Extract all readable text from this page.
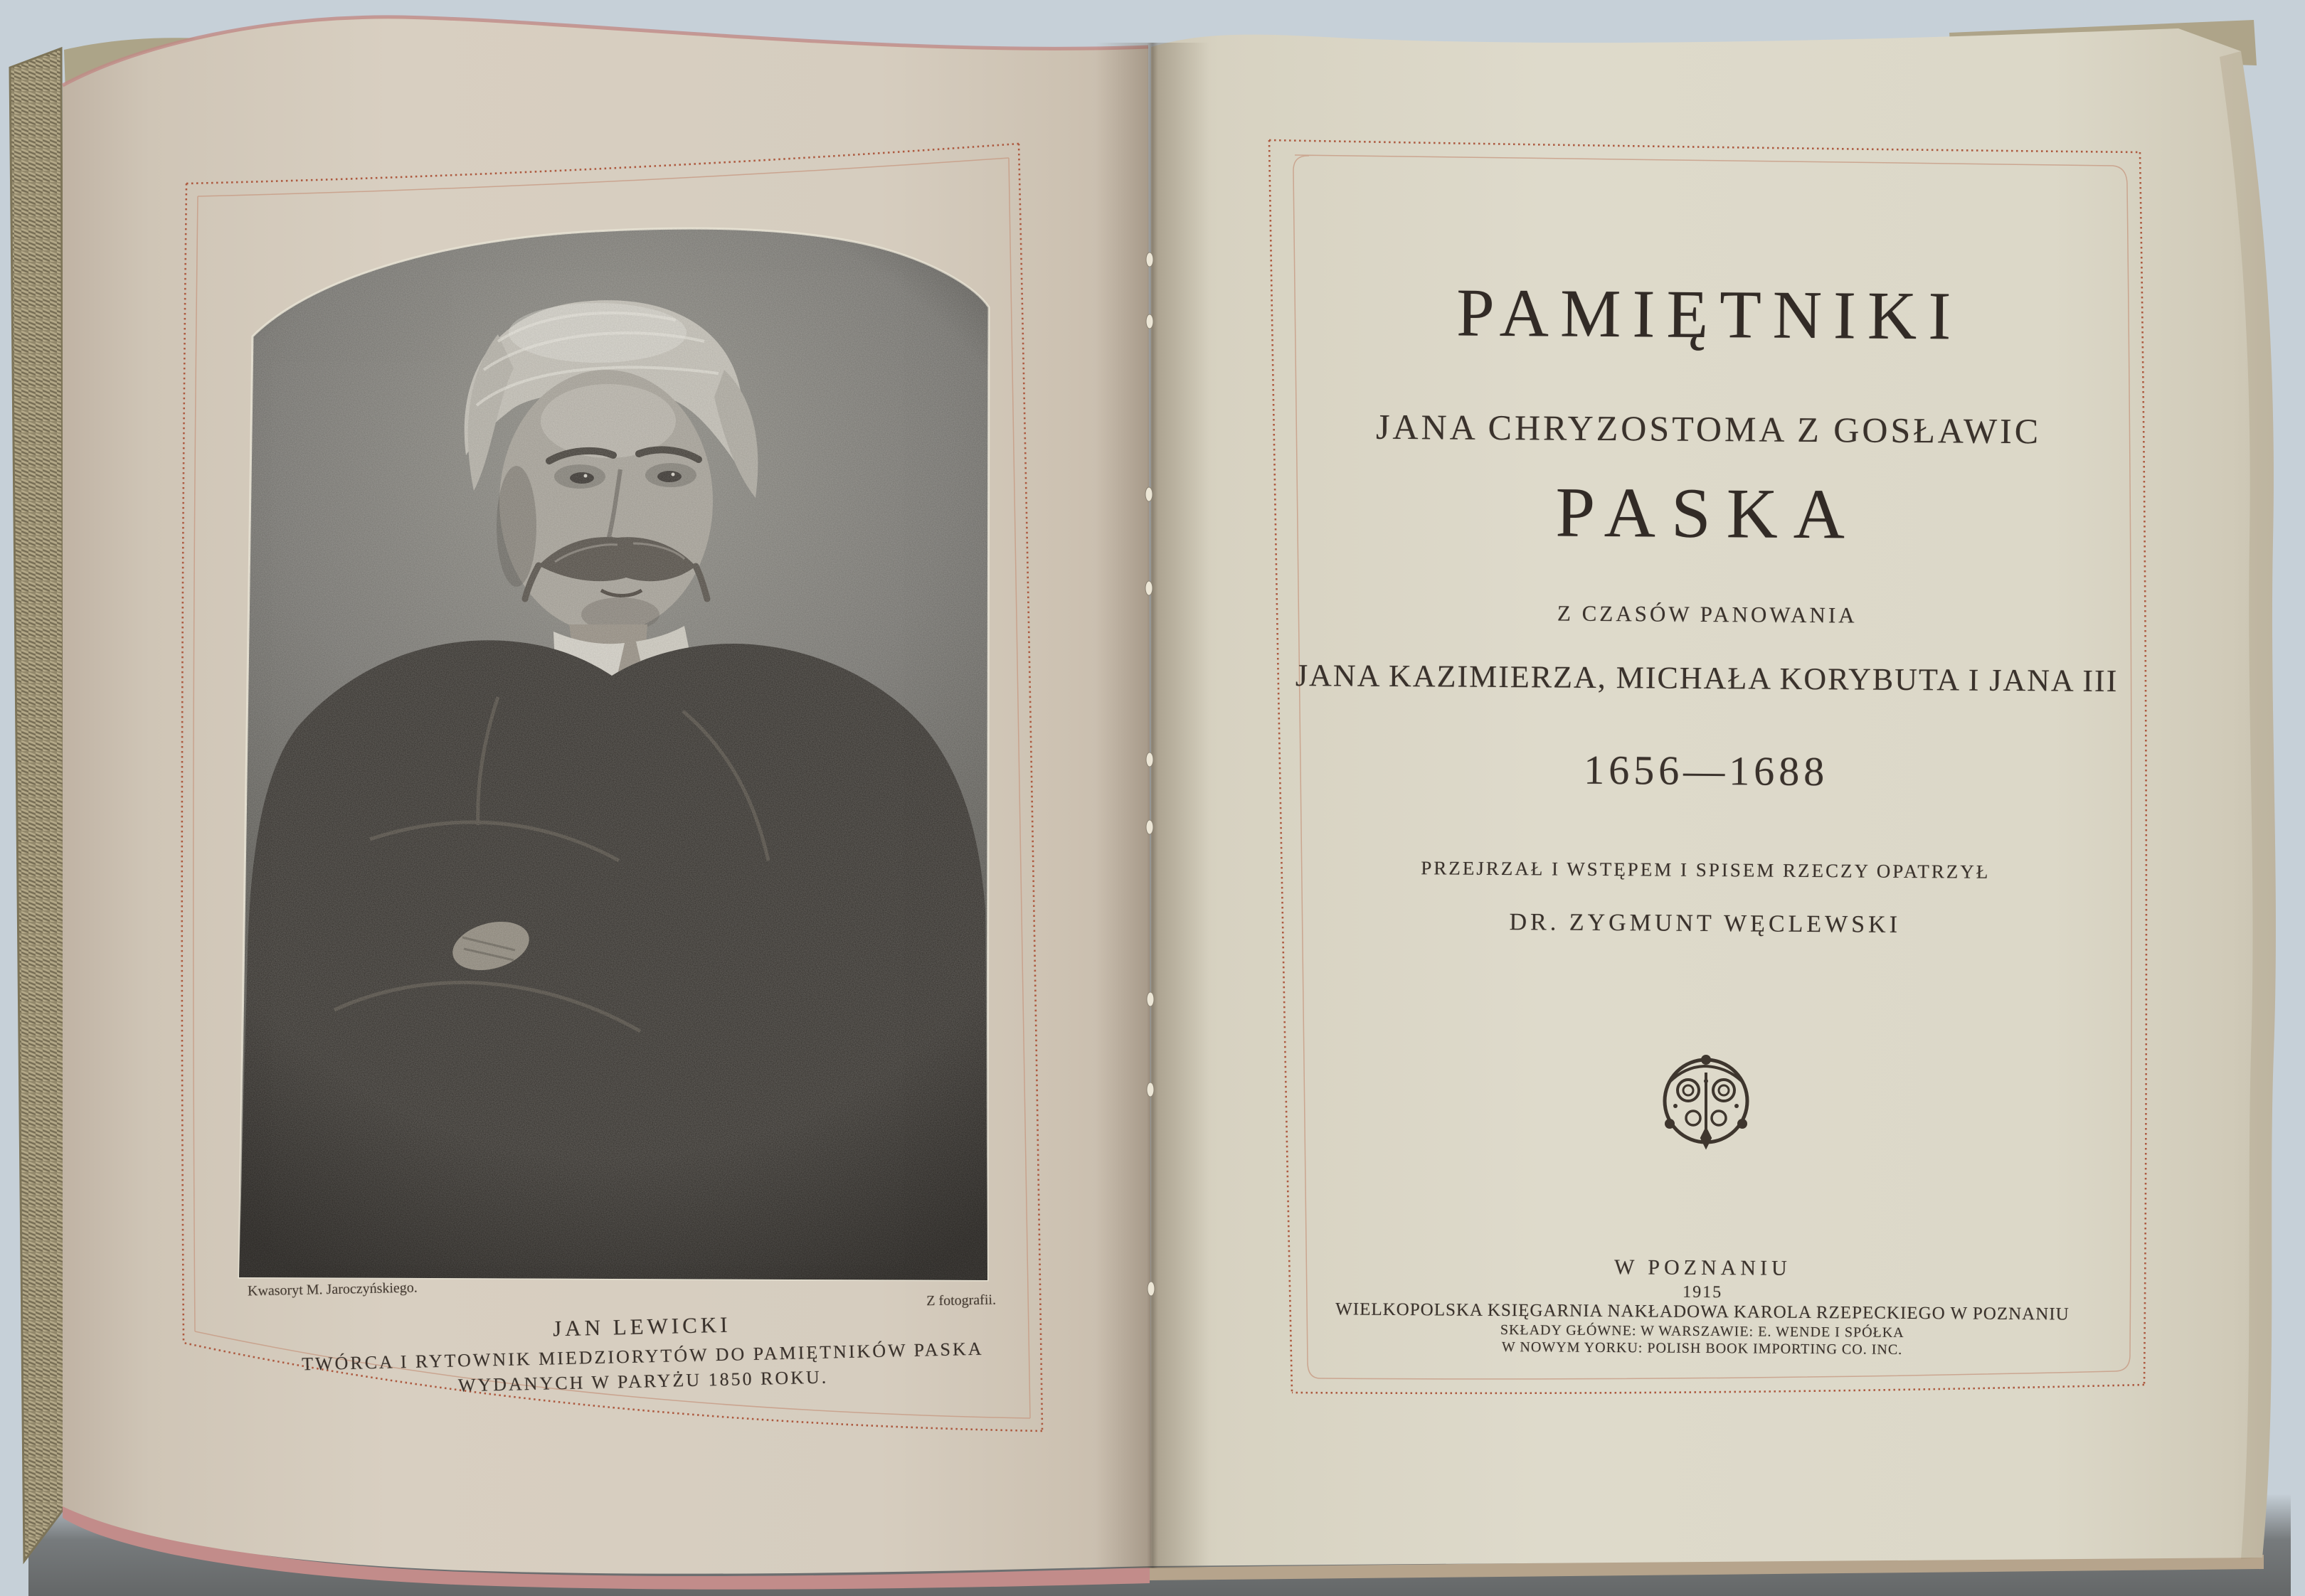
Kwasoryt M. Jaroczyńskiego.
Z fotografii.
JAN LEWICKI
TWÓRCA I RYTOWNIK MIEDZIORYTÓW DO PAMIĘTNIKÓW PASKA
WYDANYCH W PARYŻU 1850 ROKU.
PAMIĘTNIKI
JANA CHRYZOSTOMA Z GOSŁAWIC
PASKA
Z CZASÓW PANOWANIA
JANA KAZIMIERZA, MICHAŁA KORYBUTA I JANA III
1656—1688
PRZEJRZAŁ I WSTĘPEM I SPISEM RZECZY OPATRZYŁ
DR. ZYGMUNT WĘCLEWSKI
W POZNANIU
1915
WIELKOPOLSKA KSIĘGARNIA NAKŁADOWA KAROLA RZEPECKIEGO W POZNANIU
SKŁADY GŁÓWNE: W WARSZAWIE: E. WENDE I SPÓŁKA
W NOWYM YORKU: POLISH BOOK IMPORTING CO. INC.
